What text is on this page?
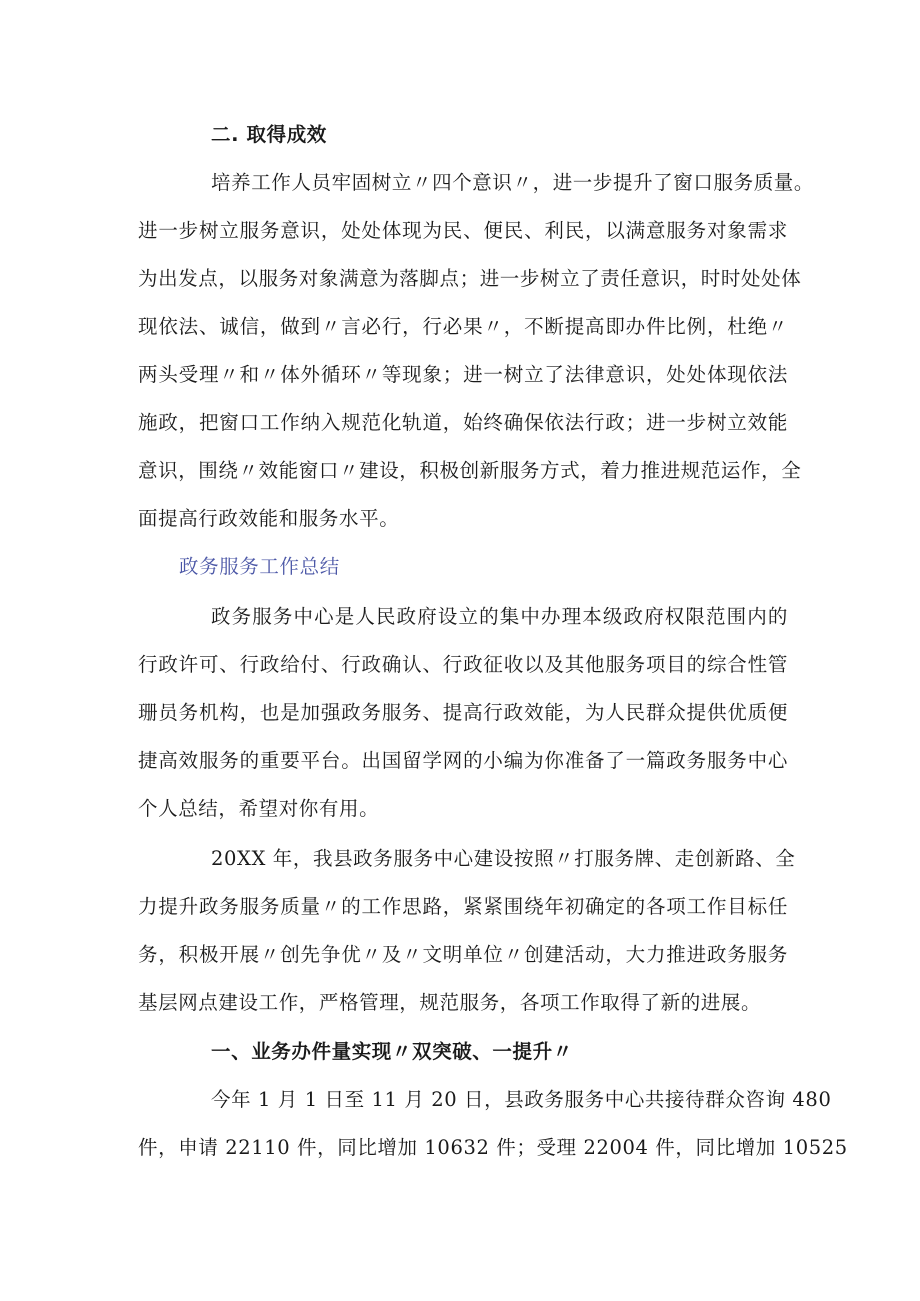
二. 取得成效
培养工作人员牢固树立〃四个意识〃，进一步提升了窗口服务质量。
进一步树立服务意识，处处体现为民、便民、利民，以满意服务对象需求
为出发点，以服务对象满意为落脚点；进一步树立了责任意识，时时处处体
现依法、诚信，做到〃言必行，行必果〃，不断提高即办件比例，杜绝〃
两头受理〃和〃体外循环〃等现象；进一树立了法律意识，处处体现依法
施政，把窗口工作纳入规范化轨道，始终确保依法行政；进一步树立效能
意识，围绕〃效能窗口〃建设，积极创新服务方式，着力推进规范运作，全
面提高行政效能和服务水平。
政务服务工作总结
政务服务中心是人民政府设立的集中办理本级政府权限范围内的
行政许可、行政给付、行政确认、行政征收以及其他服务项目的综合性管
珊员务机构，也是加强政务服务、提高行政效能，为人民群众提供优质便
捷高效服务的重要平台。出国留学网的小编为你准备了一篇政务服务中心
个人总结，希望对你有用。
20XX 年，我县政务服务中心建设按照〃打服务牌、走创新路、全
力提升政务服务质量〃的工作思路，紧紧围绕年初确定的各项工作目标任
务，积极开展〃创先争优〃及〃文明单位〃创建活动，大力推进政务服务
基层网点建设工作，严格管理，规范服务，各项工作取得了新的进展。
一、业务办件量实现〃双突破、一提升〃
今年 1 月 1 日至 11 月 20 日，县政务服务中心共接待群众咨询 480
件，申请 22110 件，同比增加 10632 件；受理 22004 件，同比增加 10525
